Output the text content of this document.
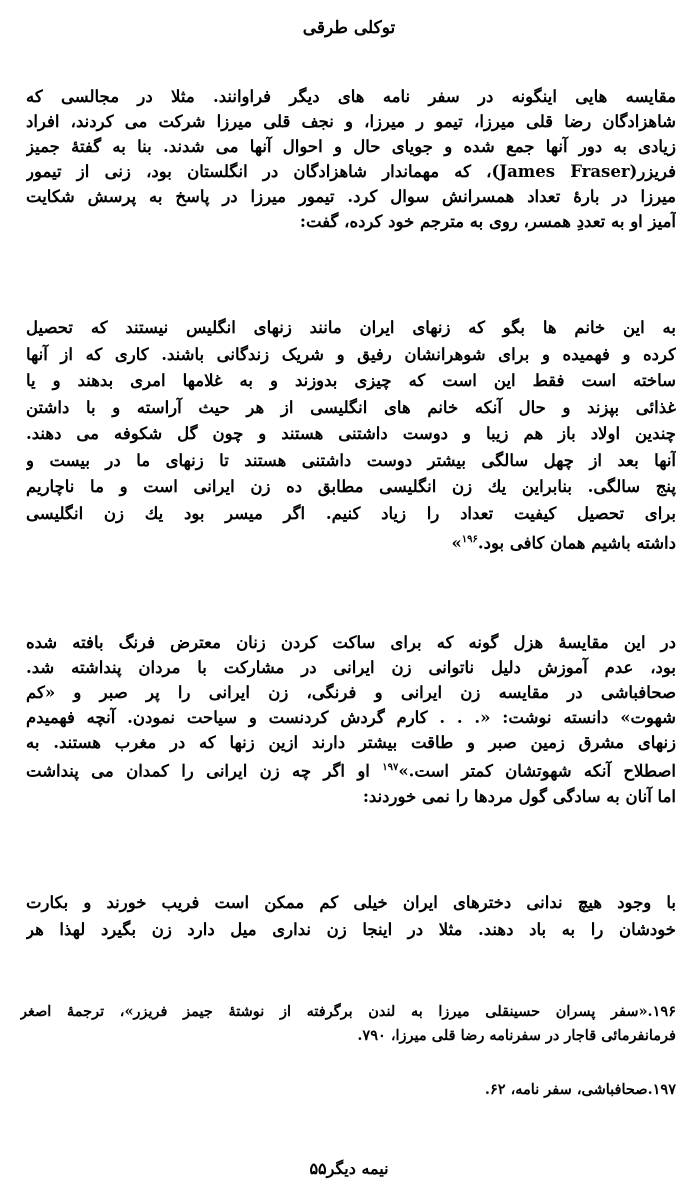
توکلی طرقی
مقایسه هایی اینگونه در سفر نامه های دیگر فراوانند. مثلا در مجالسی که
شاهزادگان رضا قلی میرزا، تیمو ر میرزا، و نجف قلی میرزا شرکت می کردند، افراد
زیادی به دور آنها جمع شده و جویای حال و احوال آنها می شدند. بنا به گفتهٔ جمیز
فریزر(James Fraser)، که مهماندار شاهزادگان در انگلستان بود، زنی از تیمور
میرزا در بارهٔ تعداد همسرانش سوال کرد. تیمور میرزا در پاسخ به پرسش شکایت
آمیز او به تعددِ همسر، روی به مترجم خود کرده، گفت:
به این خانم ها بگو که زنهای ایران مانند زنهای انگلیس نیستند که تحصیل
کرده و فهمیده و برای شوهرانشان رفیق و شریک زندگانی باشند. کاری که از آنها
ساخته است فقط این است که چیزی بدوزند و به غلامها امری بدهند و یا
غذائی بپزند و حال آنکه خانم های انگلیسی از هر حیث آراسته و با داشتن
چندین اولاد باز هم زیبا و دوست داشتنی هستند و چون گل شکوفه می دهند.
آنها بعد از چهل سالگی بیشتر دوست داشتنی هستند تا زنهای ما در بیست و
پنج سالگی. بنابراین یك زن انگلیسی مطابق ده زن ایرانی است و ما ناچاریم
برای تحصیل کیفیت تعداد را زیاد کنیم. اگر میسر بود یك زن انگلیسی
داشته باشیم همان کافی بود.$^{۱۹۶}$»
در این مقایسهٔ هزل گونه که برای ساکت کردن زنان معترض فرنگ بافته شده
بود، عدم آموزش دلیل ناتوانی زن ایرانی در مشارکت با مردان پنداشته شد.
صحافباشی در مقایسه زن ایرانی و فرنگی، زن ایرانی را پر صبر و «کم
شهوت» دانسته نوشت: «. . . کارم گردش کردنست و سیاحت نمودن. آنچه فهمیدم
زنهای مشرق زمین صبر و طاقت بیشتر دارند ازین زنها که در مغرب هستند. به
اصطلاح آنکه شهوتشان کمتر است.»$^{۱۹۷}$ او اگر چه زن ایرانی را کمدان می پنداشت
اما آنان به سادگی گول مردها را نمی خوردند:
با وجود هیچ ندانی دخترهای ایران خیلی کم ممکن است فریب خورند و بکارت
خودشان را به باد دهند. مثلا در اینجا زن نداری میل دارد زن بگیرد لهذا هر
۱۹۶.«سفر پسران حسینقلی میرزا به لندن برگرفته از نوشتهٔ جیمز فریزر»، ترجمهٔ اصغر
فرمانفرمائی قاجار در سفرنامه رضا قلی میرزا، ۷۹۰.
۱۹۷.صحافباشی، سفر نامه، ۶۲.
نیمه دیگر۵۵
